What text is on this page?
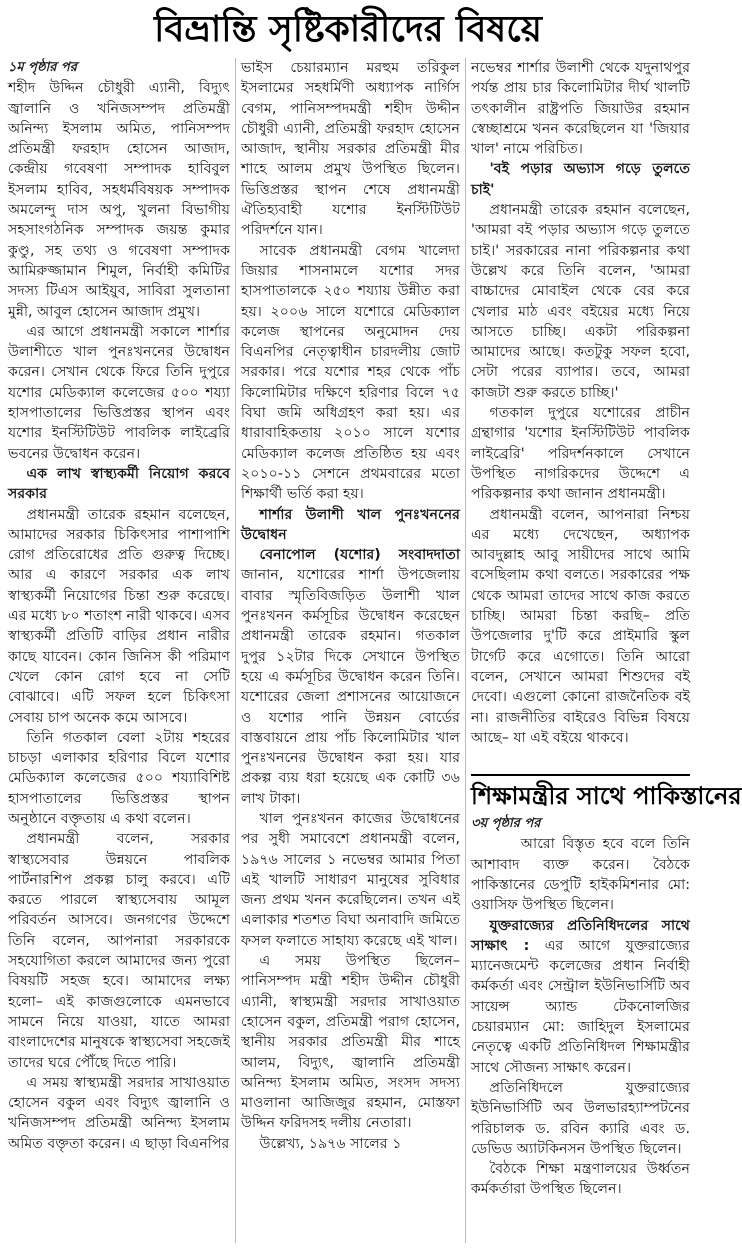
বিভ্রান্তি সৃষ্টিকারীদের বিষয়ে

১ম পৃষ্ঠার পর

শহীদ উদ্দিন চৌধুরী এ্যানী, বিদ্যুৎ জ্বালানি ও খনিজসম্পদ প্রতিমন্ত্রী অনিন্দ্য ইসলাম অমিত, পানিসম্পদ প্রতিমন্ত্রী ফরহাদ হোসেন আজাদ, কেন্দ্রীয় গবেষণা সম্পাদক হাবিবুল ইসলাম হাবিব, সহধর্মবিষয়ক সম্পাদক অমলেন্দু দাস অপু, খুলনা বিভাগীয় সহসাংগঠনিক সম্পাদক জয়ন্ত কুমার কুণ্ডু, সহ তথ্য ও গবেষণা সম্পাদক আমিরুজ্জামান শিমুল, নির্বাহী কমিটির সদস্য টিএস আইয়ুব, সাবিরা সুলতানা মুন্নী, আবুল হোসেন আজাদ প্রমুখ।

এর আগে প্রধানমন্ত্রী সকালে শার্শার উলাশীতে খাল পুনঃখননের উদ্বোধন করেন। সেখান থেকে ফিরে তিনি দুপুরে যশোর মেডিক্যাল কলেজের ৫০০ শয্যা হাসপাতালের ভিত্তিপ্রস্তর স্থাপন এবং যশোর ইনস্টিটিউট পাবলিক লাইব্রেরি ভবনের উদ্বোধন করেন।

এক লাখ স্বাস্থ্যকর্মী নিয়োগ করবে সরকার

প্রধানমন্ত্রী তারেক রহমান বলেছেন, আমাদের সরকার চিকিৎসার পাশাপাশি রোগ প্রতিরোধের প্রতি গুরুত্ব দিচ্ছে। আর এ কারণে সরকার এক লাখ স্বাস্থ্যকর্মী নিয়োগের চিন্তা শুরু করেছে। এর মধ্যে ৮০ শতাংশ নারী থাকবে। এসব স্বাস্থ্যকর্মী প্রতিটি বাড়ির প্রধান নারীর কাছে যাবেন। কোন জিনিস কী পরিমাণ খেলে কোন রোগ হবে না সেটি বোঝাবে। এটি সফল হলে চিকিৎসা সেবায় চাপ অনেক কমে আসবে।

তিনি গতকাল বেলা ২টায় শহরের চাচড়া এলাকার হরিণার বিলে যশোর মেডিক্যাল কলেজের ৫০০ শয্যাবিশিষ্ট হাসপাতালের ভিত্তিপ্রস্তর স্থাপন অনুষ্ঠানে বক্তৃতায় এ কথা বলেন।

প্রধানমন্ত্রী বলেন, সরকার স্বাস্থ্যসেবার উন্নয়নে পাবলিক পার্টনারশিপ প্রকল্প চালু করবে। এটি করতে পারলে স্বাস্থ্যসেবায় আমূল পরিবর্তন আসবে। জনগণের উদ্দেশে তিনি বলেন, আপনারা সরকারকে সহযোগিতা করলে আমাদের জন্য পুরো বিষয়টি সহজ হবে। আমাদের লক্ষ্য হলো– এই কাজগুলোকে এমনভাবে সামনে নিয়ে যাওয়া, যাতে আমরা বাংলাদেশের মানুষকে স্বাস্থ্যসেবা সহজেই তাদের ঘরে পৌঁছে দিতে পারি।

এ সময় স্বাস্থ্যমন্ত্রী সরদার সাখাওয়াত হোসেন বকুল এবং বিদ্যুৎ জ্বালানি ও খনিজসম্পদ প্রতিমন্ত্রী অনিন্দ্য ইসলাম অমিত বক্তৃতা করেন। এ ছাড়া বিএনপির

ভাইস চেয়ারম্যান মরহুম তরিকুল ইসলামের সহধর্মিণী অধ্যাপক নার্গিস বেগম, পানিসম্পদমন্ত্রী শহীদ উদ্দীন চৌধুরী এ্যানী, প্রতিমন্ত্রী ফরহাদ হোসেন আজাদ, স্থানীয় সরকার প্রতিমন্ত্রী মীর শাহে আলম প্রমুখ উপস্থিত ছিলেন। ভিত্তিপ্রস্তর স্থাপন শেষে প্রধানমন্ত্রী ঐতিহ্যবাহী যশোর ইনস্টিটিউট পরিদর্শনে যান।

সাবেক প্রধানমন্ত্রী বেগম খালেদা জিয়ার শাসনামলে যশোর সদর হাসপাতালকে ২৫০ শয্যায় উন্নীত করা হয়। ২০০৬ সালে যশোরে মেডিক্যাল কলেজ স্থাপনের অনুমোদন দেয় বিএনপির নেতৃত্বাধীন চারদলীয় জোট সরকার। পরে যশোর শহর থেকে পাঁচ কিলোমিটার দক্ষিণে হরিণার বিলে ৭৫ বিঘা জমি অধিগ্রহণ করা হয়। এর ধারাবাহিকতায় ২০১০ সালে যশোর মেডিক্যাল কলেজ প্রতিষ্ঠিত হয় এবং ২০১০-১১ সেশনে প্রথমবারের মতো শিক্ষার্থী ভর্তি করা হয়।

শার্শার উলাশী খাল পুনঃখননের উদ্বোধন

বেনাপোল (যশোর) সংবাদদাতা জানান, যশোরের শার্শা উপজেলায় বাবার স্মৃতিবিজড়িত উলাশী খাল পুনঃখনন কর্মসূচির উদ্বোধন করেছেন প্রধানমন্ত্রী তারেক রহমান। গতকাল দুপুর ১২টার দিকে সেখানে উপস্থিত হয়ে এ কর্মসূচির উদ্বোধন করেন তিনি। যশোরের জেলা প্রশাসনের আয়োজনে ও যশোর পানি উন্নয়ন বোর্ডের বাস্তবায়নে প্রায় পাঁচ কিলোমিটার খাল পুনঃখননের উদ্বোধন করা হয়। যার প্রকল্প ব্যয় ধরা হয়েছে এক কোটি ৩৬ লাখ টাকা।

খাল পুনঃখনন কাজের উদ্বোধনের পর সুধী সমাবেশে প্রধানমন্ত্রী বলেন, ১৯৭৬ সালের ১ নভেম্বর আমার পিতা এই খালটি সাধারণ মানুষের সুবিধার জন্য প্রথম খনন করেছিলেন। তখন এই এলাকার শতশত বিঘা অনাবাদি জমিতে ফসল ফলাতে সাহায্য করেছে এই খাল।

এ সময় উপস্থিত ছিলেন– পানিসম্পদ মন্ত্রী শহীদ উদ্দীন চৌধুরী এ্যানী, স্বাস্থ্যমন্ত্রী সরদার সাখাওয়াত হোসেন বকুল, প্রতিমন্ত্রী পরাগ হোসেন, স্থানীয় সরকার প্রতিমন্ত্রী মীর শাহে আলম, বিদ্যুৎ, জ্বালানি প্রতিমন্ত্রী অনিন্দ্য ইসলাম অমিত, সংসদ সদস্য মাওলানা আজিজুর রহমান, মোস্তফা উদ্দিন ফরিদসহ দলীয় নেতারা।

উল্লেখ্য, ১৯৭৬ সালের ১

নভেম্বর শার্শার উলাশী থেকে যদুনাথপুর পর্যন্ত প্রায় চার কিলোমিটার দীর্ঘ খালটি তৎকালীন রাষ্ট্রপতি জিয়াউর রহমান স্বেচ্ছাশ্রমে খনন করেছিলেন যা 'জিয়ার খাল' নামে পরিচিত।

'বই পড়ার অভ্যাস গড়ে তুলতে চাই'

প্রধানমন্ত্রী তারেক রহমান বলেছেন, 'আমরা বই পড়ার অভ্যাস গড়ে তুলতে চাই।' সরকারের নানা পরিকল্পনার কথা উল্লেখ করে তিনি বলেন, 'আমরা বাচ্চাদের মোবাইল থেকে বের করে খেলার মাঠ এবং বইয়ের মধ্যে নিয়ে আসতে চাচ্ছি। একটা পরিকল্পনা আমাদের আছে। কতটুকু সফল হবো, সেটা পরের ব্যাপার। তবে, আমরা কাজটা শুরু করতে চাচ্ছি।'

গতকাল দুপুরে যশোরের প্রাচীন গ্রন্থাগার 'যশোর ইনস্টিটিউট পাবলিক লাইব্রেরি' পরিদর্শনকালে সেখানে উপস্থিত নাগরিকদের উদ্দেশে এ পরিকল্পনার কথা জানান প্রধানমন্ত্রী।

প্রধানমন্ত্রী বলেন, আপনারা নিশ্চয় এর মধ্যে দেখেছেন, অধ্যাপক আবদুল্লাহ আবু সায়ীদের সাথে আমি বসেছিলাম কথা বলতে। সরকারের পক্ষ থেকে আমরা তাদের সাথে কাজ করতে চাচ্ছি। আমরা চিন্তা করছি– প্রতি উপজেলার দু'টি করে প্রাইমারি স্কুল টার্গেট করে এগোতে। তিনি আরো বলেন, সেখানে আমরা শিশুদের বই দেবো। এগুলো কোনো রাজনৈতিক বই না। রাজনীতির বাইরেও বিভিন্ন বিষয়ে আছে– যা এই বইয়ে থাকবে।

শিক্ষামন্ত্রীর সাথে পাকিস্তানের

৩য় পৃষ্ঠার পর

আরো বিস্তৃত হবে বলে তিনি আশাবাদ ব্যক্ত করেন। বৈঠকে পাকিস্তানের ডেপুটি হাইকমিশনার মো: ওয়াসিফ উপস্থিত ছিলেন।

যুক্তরাজ্যের প্রতিনিধিদলের সাথে সাক্ষাৎ : এর আগে যুক্তরাজ্যের ম্যানেজমেন্ট কলেজের প্রধান নির্বাহী কর্মকর্তা এবং সেন্ট্রাল ইউনিভার্সিটি অব সায়েন্স অ্যান্ড টেকনোলজির চেয়ারম্যান মো: জাহিদুল ইসলামের নেতৃত্বে একটি প্রতিনিধিদল শিক্ষামন্ত্রীর সাথে সৌজন্য সাক্ষাৎ করেন।

প্রতিনিধিদলে যুক্তরাজ্যের ইউনিভার্সিটি অব উলভারহ্যাম্পটনের পরিচালক ড. রবিন ক্যারি এবং ড. ডেভিড অ্যাটকিনসন উপস্থিত ছিলেন।

বৈঠকে শিক্ষা মন্ত্রণালয়ের উর্ধ্বতন কর্মকর্তারা উপস্থিত ছিলেন।
